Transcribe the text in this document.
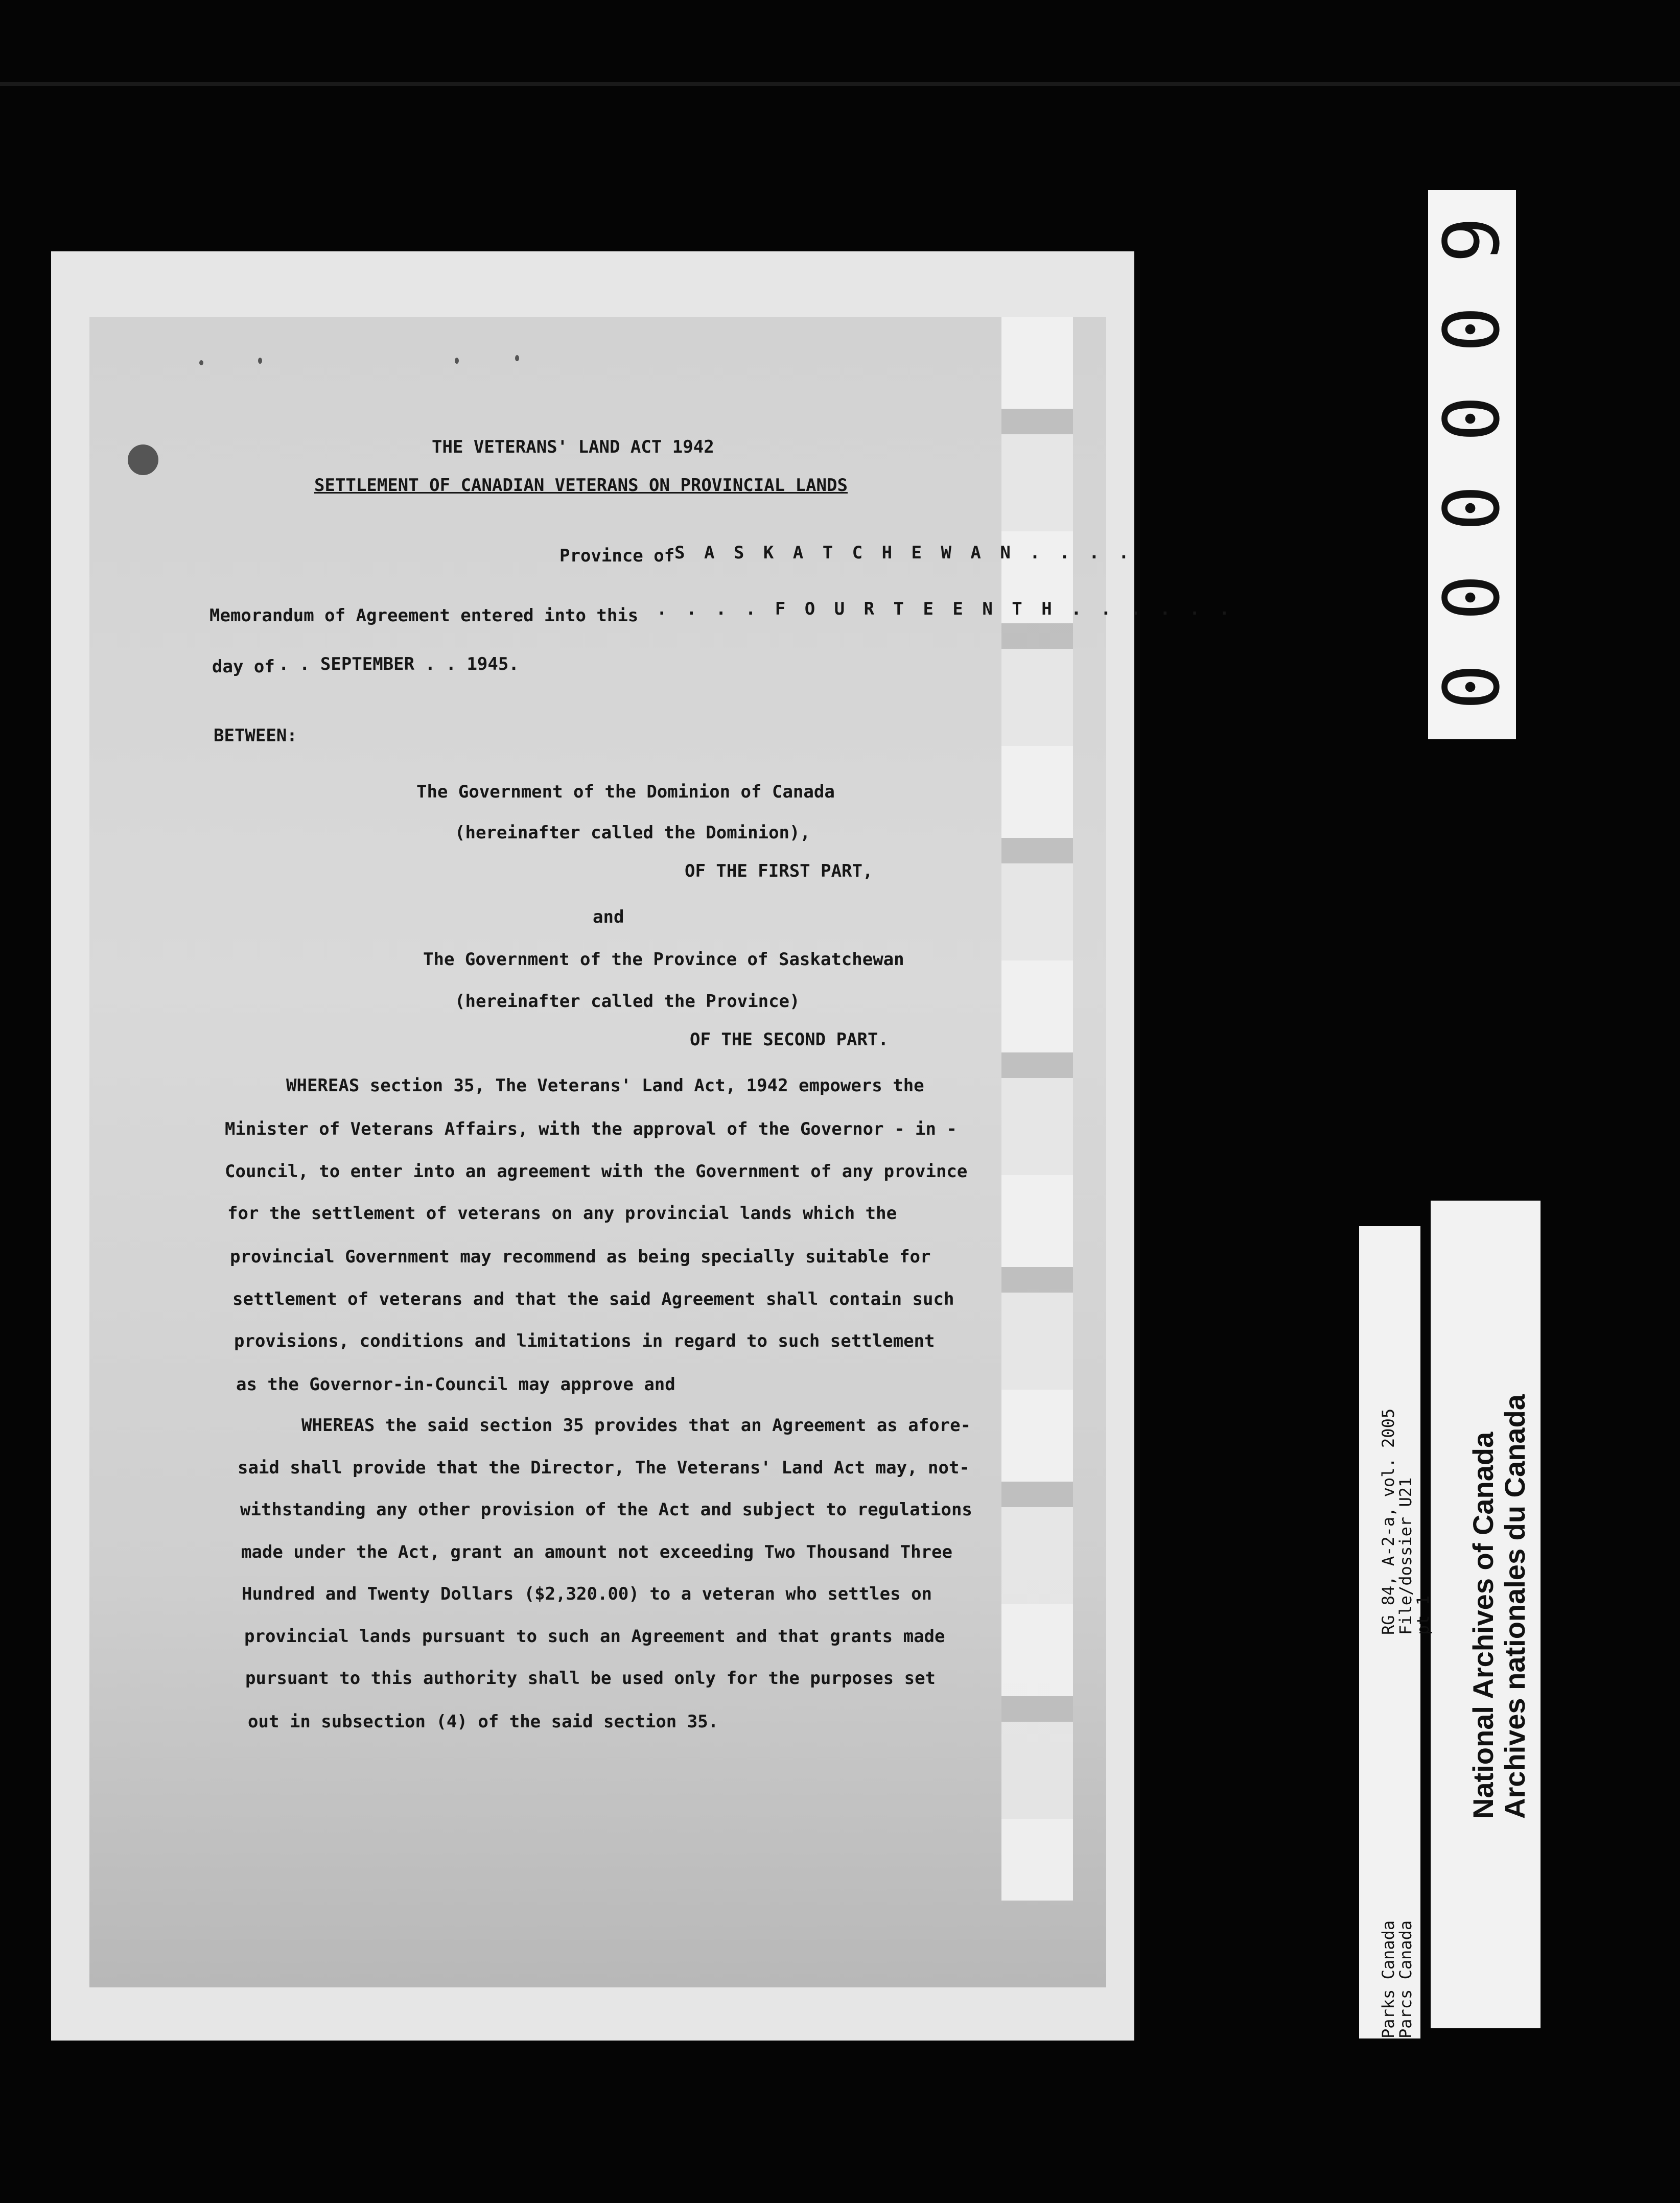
THE VETERANS' LAND ACT 1942
SETTLEMENT OF CANADIAN VETERANS ON PROVINCIAL LANDS
Province of S A S K A T C H E W A N . . . .
Memorandum of Agreement entered into this . . . . F O U R T E E N T H . . . . . .
day of . . SEPTEMBER . . 1945.
BETWEEN:
The Government of the Dominion of Canada
(hereinafter called the Dominion),
OF THE FIRST PART,
and
The Government of the Province of Saskatchewan
(hereinafter called the Province)
OF THE SECOND PART.
WHEREAS section 35, The Veterans' Land Act, 1942 empowers the
Minister of Veterans Affairs, with the approval of the Governor - in -
Council, to enter into an agreement with the Government of any province
for the settlement of veterans on any provincial lands which the
provincial Government may recommend as being specially suitable for
settlement of veterans and that the said Agreement shall contain such
provisions, conditions and limitations in regard to such settlement
as the Governor-in-Council may approve and
WHEREAS the said section 35 provides that an Agreement as afore-
said shall provide that the Director, The Veterans' Land Act may, not-
withstanding any other provision of the Act and subject to regulations
made under the Act, grant an amount not exceeding Two Thousand Three
Hundred and Twenty Dollars ($2,320.00) to a veteran who settles on
provincial lands pursuant to such an Agreement and that grants made
pursuant to this authority shall be used only for the purposes set
out in subsection (4) of the said section 35.
0
0
0
0
0
9
Parks Canada
Parcs Canada
RG 84, A-2-a, vol. 2005
File/dossier U21
pt 1 National Archives of Canada Archives nationales du Canada
